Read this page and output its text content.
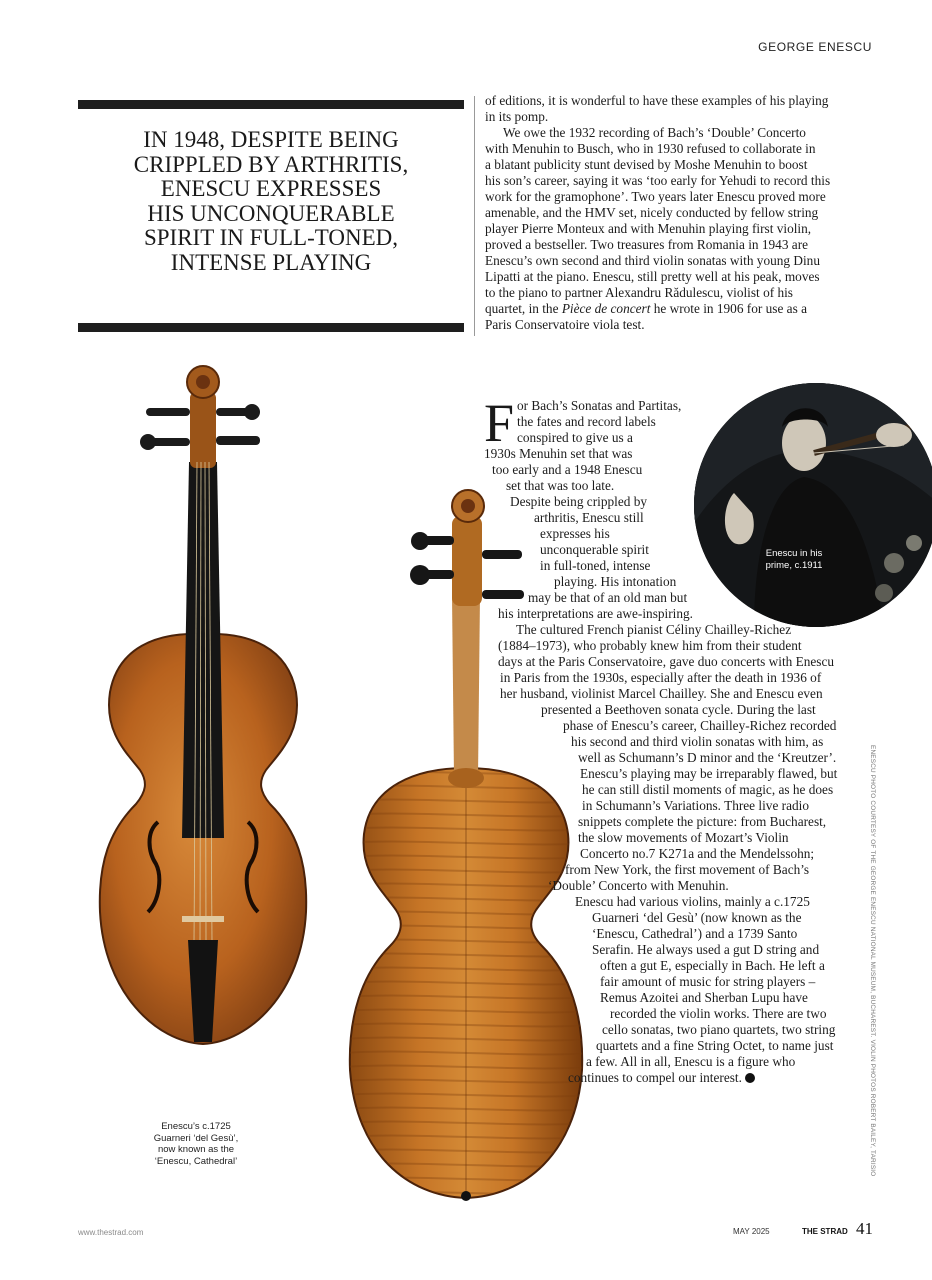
GEORGE ENESCU
IN 1948, DESPITE BEING
CRIPPLED BY ARTHRITIS,
ENESCU EXPRESSES
HIS UNCONQUERABLE
SPIRIT IN FULL-TONED,
INTENSE PLAYING
Enescu’s c.1725
Guarneri ‘del Gesù’,
now known as the
‘Enescu, Cathedral’
Enescu in his
prime, c.1911
of editions, it is wonderful to have these examples of his playing
in its pomp.
We owe the 1932 recording of Bach’s ‘Double’ Concerto
with Menuhin to Busch, who in 1930 refused to collaborate in
a blatant publicity stunt devised by Moshe Menuhin to boost
his son’s career, saying it was ‘too early for Yehudi to record this
work for the gramophone’. Two years later Enescu proved more
amenable, and the HMV set, nicely conducted by fellow string
player Pierre Monteux and with Menuhin playing first violin,
proved a bestseller. Two treasures from Romania in 1943 are
Enescu’s own second and third violin sonatas with young Dinu
Lipatti at the piano. Enescu, still pretty well at his peak, moves
to the piano to partner Alexandru Rădulescu, violist of his
quartet, in the Pièce de concert he wrote in 1906 for use as a
Paris Conservatoire viola test.
F or Bach’s Sonatas and Partitas,
the fates and record labels
conspired to give us a
1930s Menuhin set that was
too early and a 1948 Enescu
set that was too late.
Despite being crippled by
arthritis, Enescu still
expresses his
unconquerable spirit
in full-toned, intense
playing. His intonation
may be that of an old man but
his interpretations are awe-inspiring.
The cultured French pianist Céliny Chailley-Richez
(1884–1973), who probably knew him from their student
days at the Paris Conservatoire, gave duo concerts with Enescu
in Paris from the 1930s, especially after the death in 1936 of
her husband, violinist Marcel Chailley. She and Enescu even
presented a Beethoven sonata cycle. During the last
phase of Enescu’s career, Chailley-Richez recorded
his second and third violin sonatas with him, as
well as Schumann’s D minor and the ‘Kreutzer’.
Enescu’s playing may be irreparably flawed, but
he can still distil moments of magic, as he does
in Schumann’s Variations. Three live radio
snippets complete the picture: from Bucharest,
the slow movements of Mozart’s Violin
Concerto no.7 K271a and the Mendelssohn;
from New York, the first movement of Bach’s
‘Double’ Concerto with Menuhin.
Enescu had various violins, mainly a c.1725
Guarneri ‘del Gesù’ (now known as the
‘Enescu, Cathedral’) and a 1739 Santo
Serafin. He always used a gut D string and
often a gut E, especially in Bach. He left a
fair amount of music for string players –
Remus Azoitei and Sherban Lupu have
recorded the violin works. There are two
cello sonatas, two piano quartets, two string
quartets and a fine String Octet, to name just
a few. All in all, Enescu is a figure who
continues to compel our interest.	ENESCU PHOTO COURTESY OF THE GEORGE ENESCU NATIONAL MUSEUM, BUCHAREST. VIOLIN PHOTOS ROBERT BAILEY, TARISIO
www.thestrad.com	MAY 2025	THE STRAD 41
